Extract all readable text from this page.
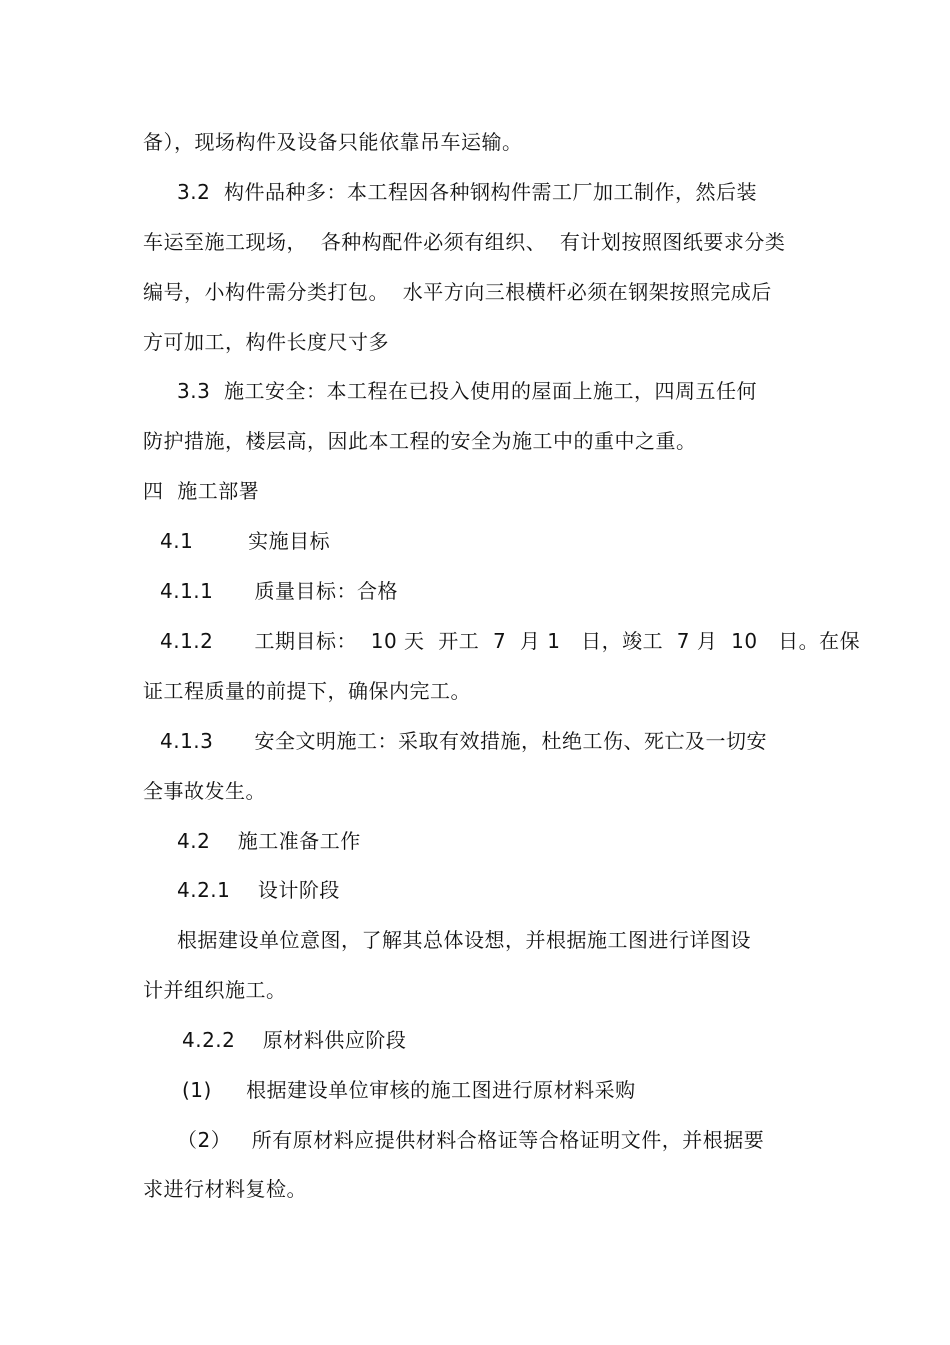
备），现场构件及设备只能依靠吊车运输。
3.2  构件品种多：本工程因各种钢构件需工厂加工制作，然后装
车运至施工现场，  各种构配件必须有组织、  有计划按照图纸要求分类
编号，小构件需分类打包。  水平方向三根横杆必须在钢架按照完成后
方可加工，构件长度尺寸多
3.3  施工安全：本工程在已投入使用的屋面上施工，四周五任何
防护措施，楼层高，因此本工程的安全为施工中的重中之重。
四  施工部署
4.1        实施目标
4.1.1      质量目标：合格
4.1.2      工期目标：  10 天  开工  7  月 1   日，竣工  7 月  10   日。在保
证工程质量的前提下，确保内完工。
4.1.3      安全文明施工：采取有效措施，杜绝工伤、死亡及一切安
全事故发生。
4.2    施工准备工作
4.2.1    设计阶段
根据建设单位意图，了解其总体设想，并根据施工图进行详图设
计并组织施工。
4.2.2    原材料供应阶段
(1)     根据建设单位审核的施工图进行原材料采购
（2）   所有原材料应提供材料合格证等合格证明文件，并根据要
求进行材料复检。
